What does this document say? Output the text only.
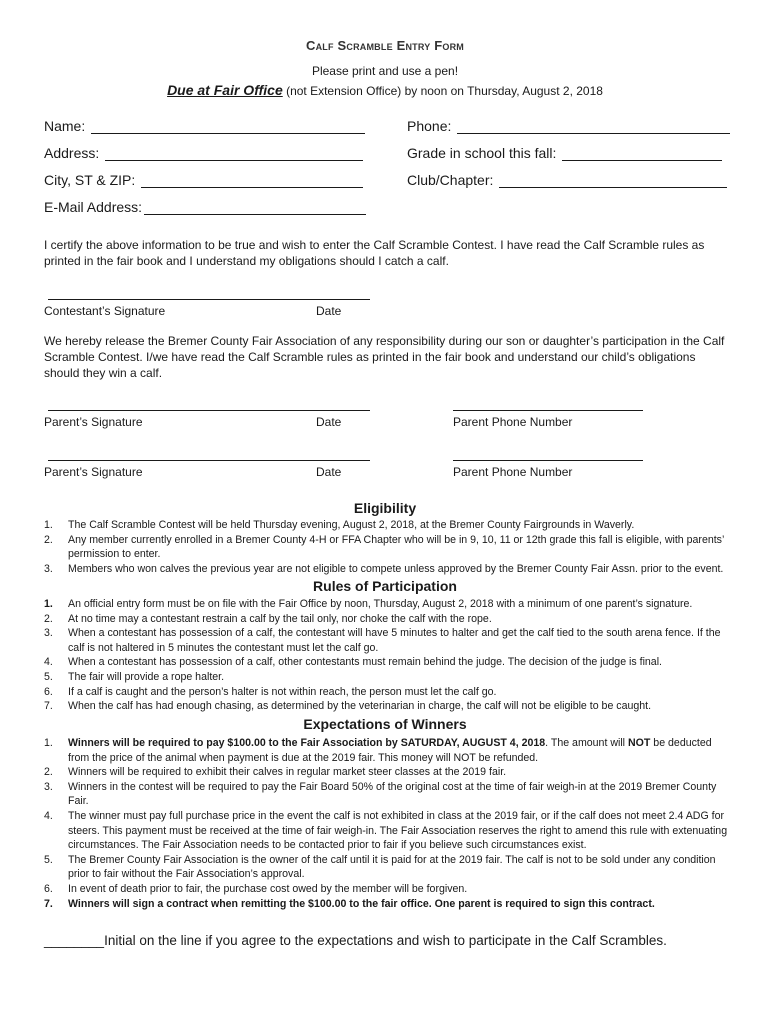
Calf Scramble Entry Form
Please print and use a pen!
Due at Fair Office (not Extension Office) by noon on Thursday, August 2, 2018
Name:	Phone:
Address:	Grade in school this fall:
City, ST & ZIP:	Club/Chapter:
E-Mail Address:
I certify the above information to be true and wish to enter the Calf Scramble Contest. I have read the Calf Scramble rules as printed in the fair book and I understand my obligations should I catch a calf.
Contestant’s Signature	Date
We hereby release the Bremer County Fair Association of any responsibility during our son or daughter’s participation in the Calf Scramble Contest. I/we have read the Calf Scramble rules as printed in the fair book and understand our child’s obligations should they win a calf.
Parent’s Signature	Date	Parent Phone Number
Parent’s Signature	Date	Parent Phone Number
Eligibility
1. The Calf Scramble Contest will be held Thursday evening, August 2, 2018, at the Bremer County Fairgrounds in Waverly.
2. Any member currently enrolled in a Bremer County 4-H or FFA Chapter who will be in 9, 10, 11 or 12th grade this fall is eligible, with parents’ permission to enter.
3. Members who won calves the previous year are not eligible to compete unless approved by the Bremer County Fair Assn. prior to the event.
Rules of Participation
1. An official entry form must be on file with the Fair Office by noon, Thursday, August 2, 2018 with a minimum of one parent’s signature.
2. At no time may a contestant restrain a calf by the tail only, nor choke the calf with the rope.
3. When a contestant has possession of a calf, the contestant will have 5 minutes to halter and get the calf tied to the south arena fence. If the calf is not haltered in 5 minutes the contestant must let the calf go.
4. When a contestant has possession of a calf, other contestants must remain behind the judge. The decision of the judge is final.
5. The fair will provide a rope halter.
6. If a calf is caught and the person’s halter is not within reach, the person must let the calf go.
7. When the calf has had enough chasing, as determined by the veterinarian in charge, the calf will not be eligible to be caught.
Expectations of Winners
1. Winners will be required to pay $100.00 to the Fair Association by SATURDAY, AUGUST 4, 2018. The amount will NOT be deducted from the price of the animal when payment is due at the 2019 fair. This money will NOT be refunded.
2. Winners will be required to exhibit their calves in regular market steer classes at the 2019 fair.
3. Winners in the contest will be required to pay the Fair Board 50% of the original cost at the time of fair weigh-in at the 2019 Bremer County Fair.
4. The winner must pay full purchase price in the event the calf is not exhibited in class at the 2019 fair, or if the calf does not meet 2.4 ADG for steers. This payment must be received at the time of fair weigh-in. The Fair Association reserves the right to amend this rule with extenuating circumstances. The Fair Association needs to be contacted prior to fair if you believe such circumstances exist.
5. The Bremer County Fair Association is the owner of the calf until it is paid for at the 2019 fair. The calf is not to be sold under any condition prior to fair without the Fair Association’s approval.
6. In event of death prior to fair, the purchase cost owed by the member will be forgiven.
7. Winners will sign a contract when remitting the $100.00 to the fair office. One parent is required to sign this contract.
________Initial on the line if you agree to the expectations and wish to participate in the Calf Scrambles.
